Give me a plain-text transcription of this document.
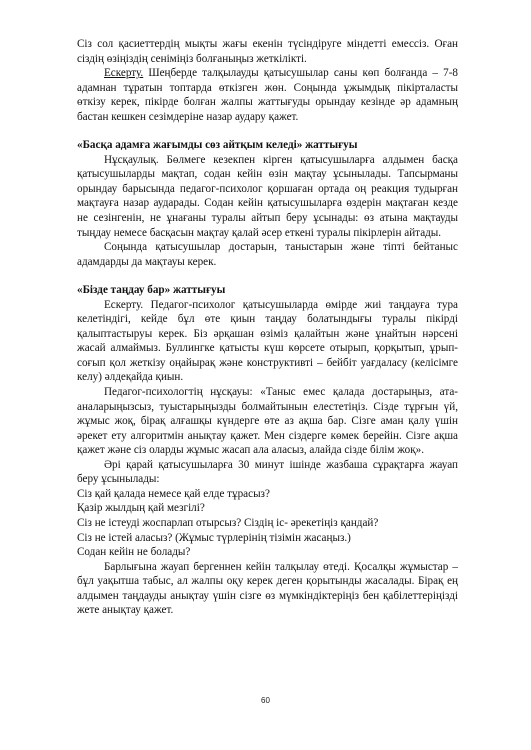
Сіз сол қасиеттердің мықты жағы екенін түсіндіруге міндетті емессіз. Оған сіздің өзіңіздің сеніміңіз болғаныңыз жеткілікті.

Ескерту. Шеңберде талқылауды қатысушылар саны көп болғанда – 7-8 адамнан тұратын топтарда өткізген жөн. Соңында ұжымдық пікірталасты өткізу керек, пікірде болған жалпы жаттығуды орындау кезінде әр адамның бастан кешкен сезімдеріне назар аудару қажет.

«Басқа адамға жағымды сөз айтқым келеді» жаттығуы

Нұсқаулық. Бөлмеге кезекпен кірген қатысушыларға алдымен басқа қатысушыларды мақтап, содан кейін өзін мақтау ұсынылады. Тапсырманы орындау барысында педагог-психолог қоршаған ортада оң реакция тудырған мақтауға назар аударады. Содан кейін қатысушыларға өздерін мақтаған кезде не сезінгенін, не ұнағаны туралы айтып беру ұсынады: өз атына мақтауды тыңдау немесе басқасын мақтау қалай әсер еткені туралы пікірлерін айтады.

Соңында қатысушылар достарын, таныстарын және тіпті бейтаныс адамдарды да мақтауы керек.

«Бізде таңдау бар» жаттығуы

Ескерту. Педагог-психолог қатысушыларда өмірде жиі таңдауға тура келетіндігі, кейде бұл өте қиын таңдау болатындығы туралы пікірді қалыптастыруы керек. Біз әрқашан өзіміз қалайтын және ұнайтын нәрсені жасай алмаймыз. Буллингке қатысты күш көрсете отырып, қорқытып, ұрып-соғып қол жеткізу оңайырақ және конструктивті – бейбіт уағдаласу (келісімге келу) әлдеқайда қиын.

Педагог-психологтің нұсқауы: «Таныс емес қалада достарыңыз, ата-аналарыңызсыз, туыстарыңызды болмайтынын елестетіңіз. Сізде тұрғын үй, жұмыс жоқ, бірақ алғашқы күндерге өте аз ақша бар. Сізге аман қалу үшін әрекет ету алгоритмін анықтау қажет. Мен сіздерге көмек берейін. Сізге ақша қажет және сіз оларды жұмыс жасап ала аласыз, алайда сізде білім жоқ».

Әрі қарай қатысушыларға 30 минут ішінде жазбаша сұрақтарға жауап беру ұсынылады:

Сіз қай қалада немесе қай елде тұрасыз?

Қазір жылдың қай мезгілі?

Сіз не істеуді жоспарлап отырсыз? Сіздің іс- әрекетіңіз қандай?

Сіз не істей аласыз? (Жұмыс түрлерінің тізімін жасаңыз.)

Содан кейін не болады?

Барлығына жауап бергеннен кейін талқылау өтеді. Қосалқы жұмыстар – бұл уақытша табыс, ал жалпы оқу керек деген қорытынды жасалады. Бірақ ең алдымен таңдауды анықтау үшін сізге өз мүмкіндіктеріңіз бен қабілеттеріңізді жете анықтау қажет.

60
